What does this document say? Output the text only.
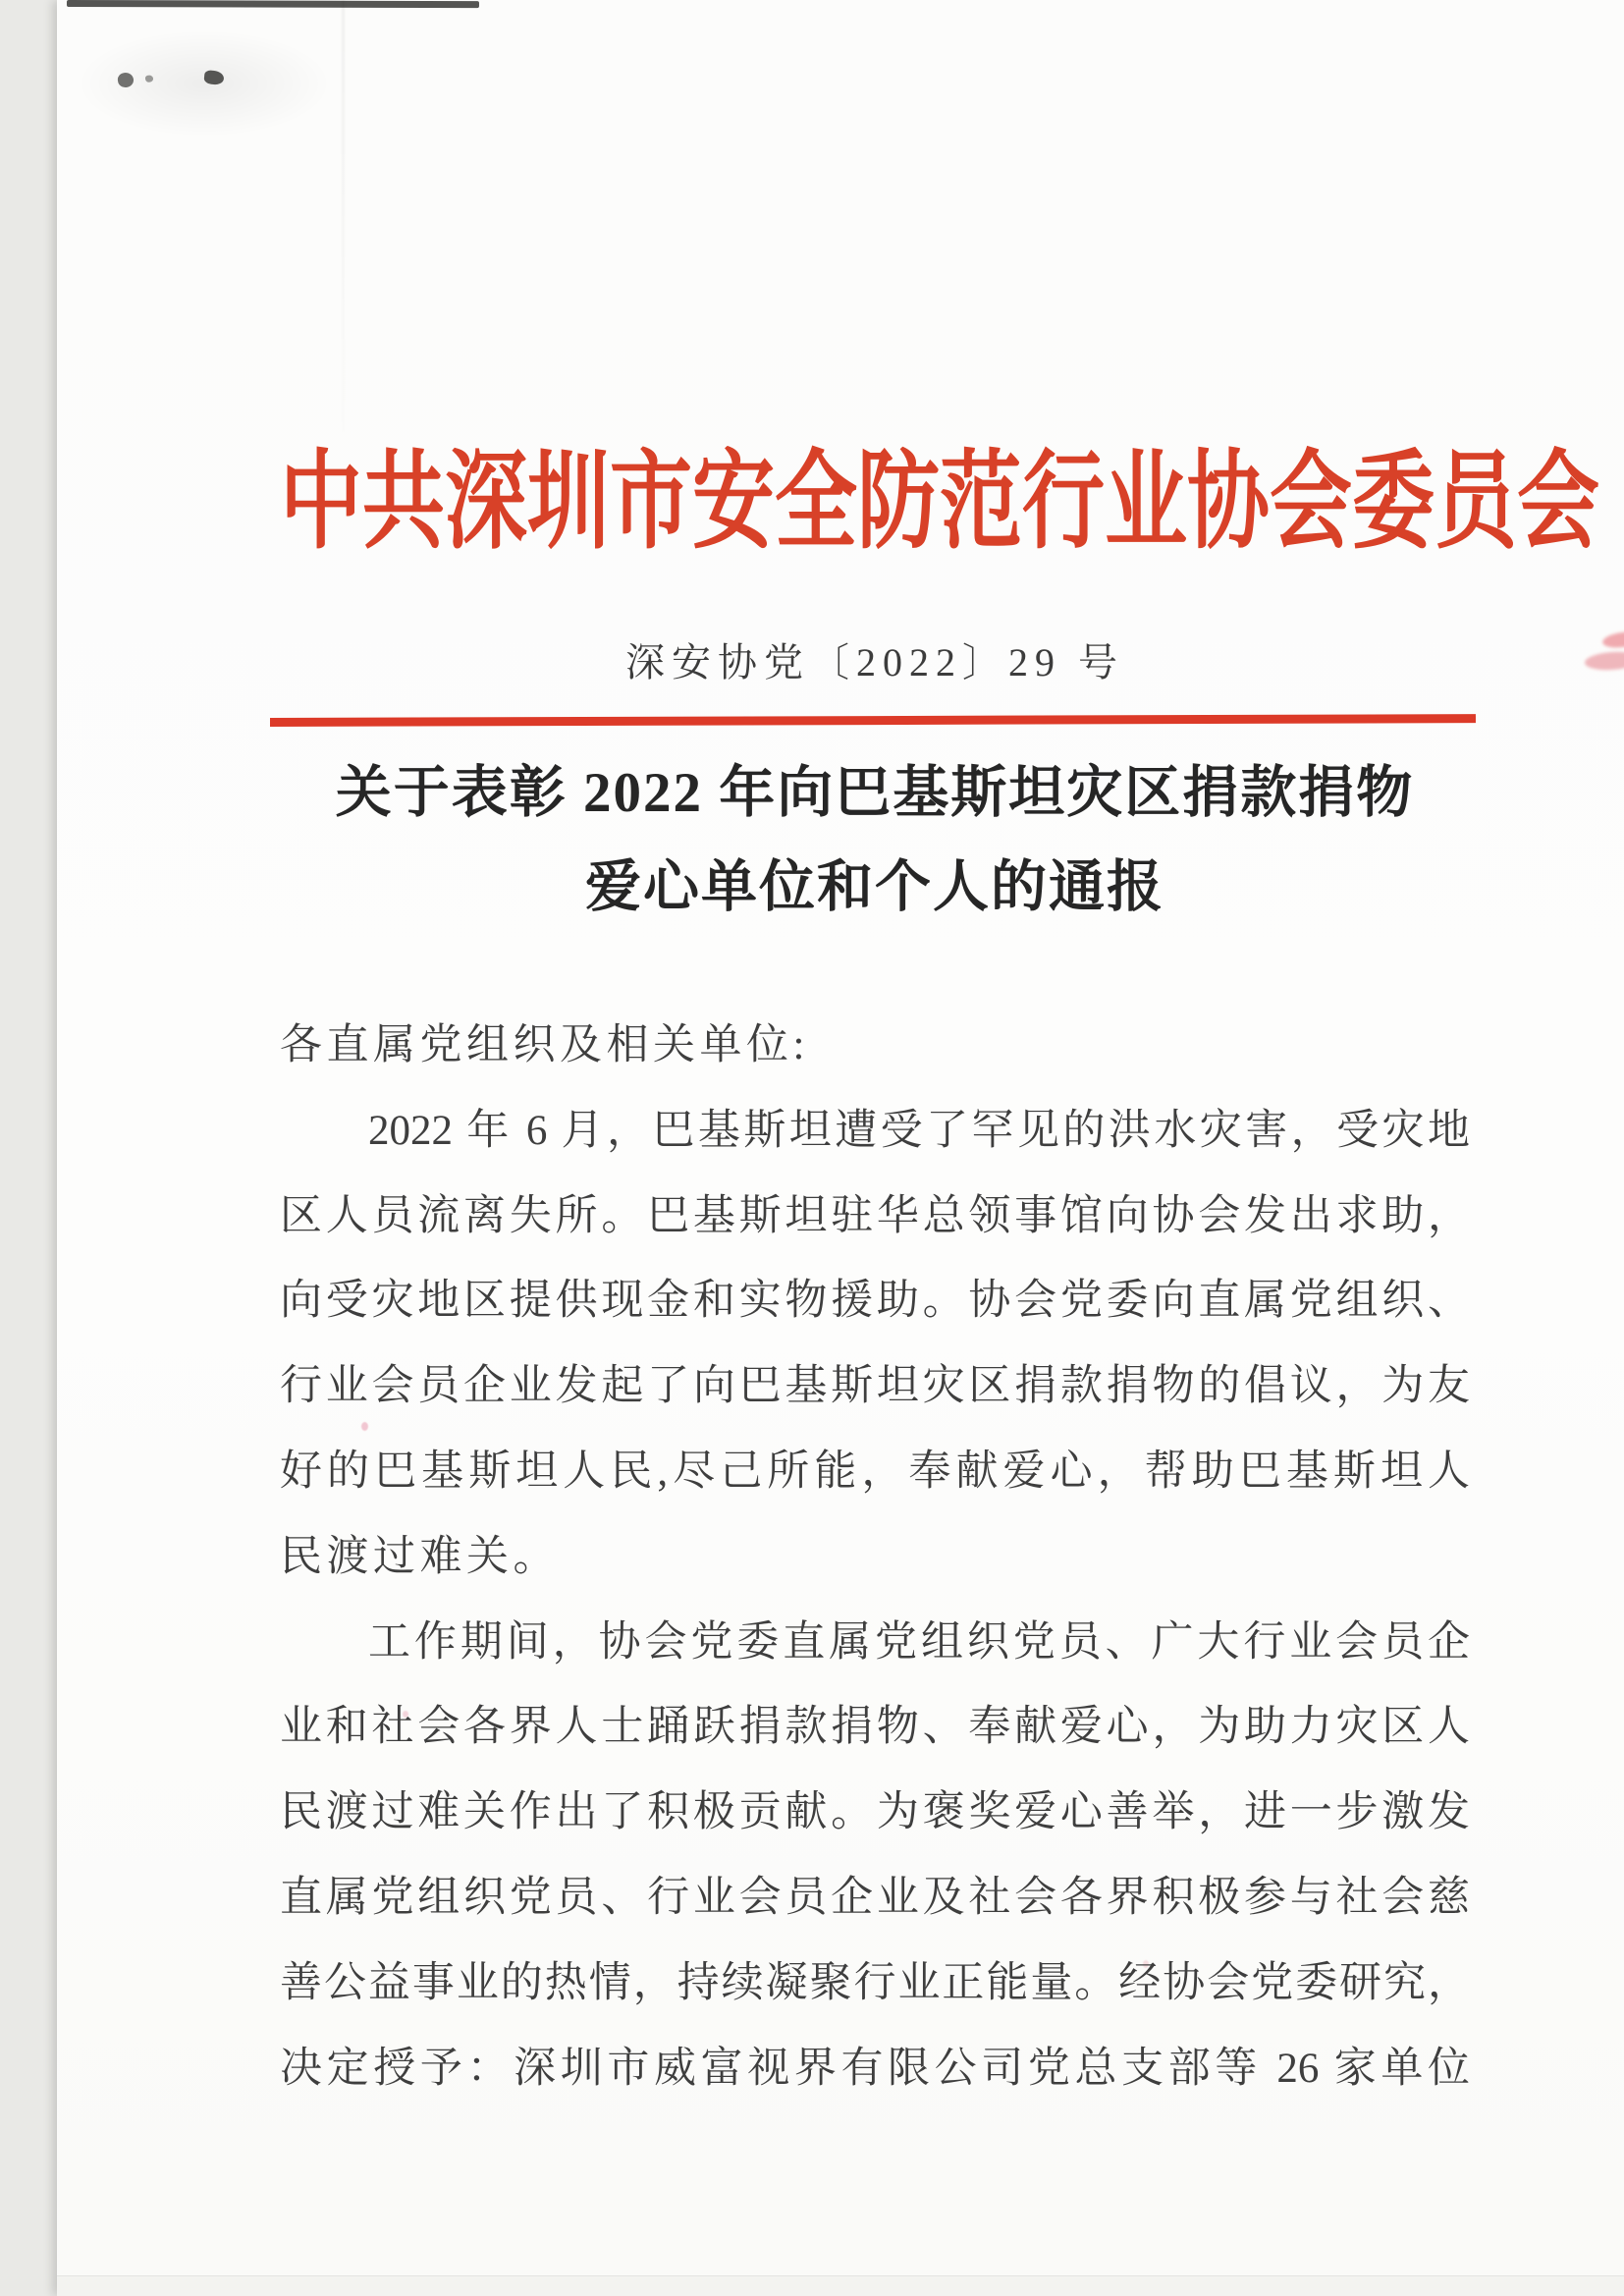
中共深圳市安全防范行业协会委员会
深安协党〔2022〕29 号
关于表彰 2022 年向巴基斯坦灾区捐款捐物
爱心单位和个人的通报
各直属党组织及相关单位:
2022 年 6 月，巴基斯坦遭受了罕见的洪水灾害，受灾地
区人员流离失所。巴基斯坦驻华总领事馆向协会发出求助，
向受灾地区提供现金和实物援助。协会党委向直属党组织、
行业会员企业发起了向巴基斯坦灾区捐款捐物的倡议，为友
好的巴基斯坦人民,尽己所能，奉献爱心，帮助巴基斯坦人
民渡过难关。
工作期间，协会党委直属党组织党员、广大行业会员企
业和社会各界人士踊跃捐款捐物、奉献爱心，为助力灾区人
民渡过难关作出了积极贡献。为褒奖爱心善举，进一步激发
直属党组织党员、行业会员企业及社会各界积极参与社会慈
善公益事业的热情，持续凝聚行业正能量。经协会党委研究，
决定授予：深圳市威富视界有限公司党总支部等 26 家单位
